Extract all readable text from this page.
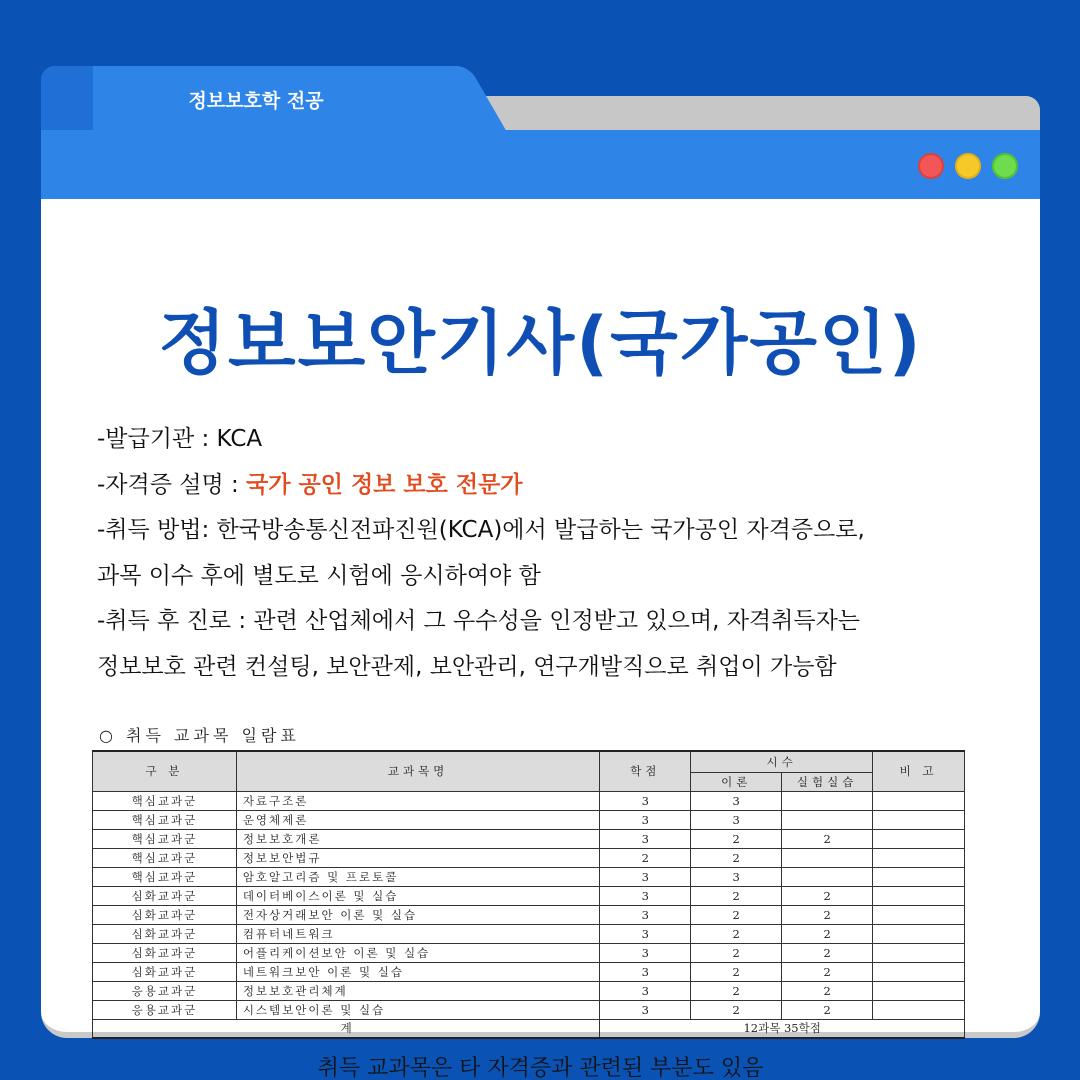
정보보호학 전공
정보보안기사(국가공인)
-발급기관 : KCA
-자격증 설명 : 국가 공인 정보 보호 전문가
-취득 방법: 한국방송통신전파진원(KCA)에서 발급하는 국가공인 자격증으로,
과목 이수 후에 별도로 시험에 응시하여야 함
-취득 후 진로 : 관련 산업체에서 그 우수성을 인정받고 있으며, 자격취득자는
정보보호 관련 컨설팅, 보안관제, 보안관리, 연구개발직으로 취업이 가능함
○ 취득 교과목 일람표
구 분	교과목명	학점	시수		비 고
			이론	실험실습	
핵심교과군	자료구조론	3	3		
핵심교과군	운영체제론	3	3		
핵심교과군	정보보호개론	3	2	2	
핵심교과군	정보보안법규	2	2		
핵심교과군	암호알고리즘 및 프로토콜	3	3		
심화교과군	데이터베이스이론 및 실습	3	2	2	
심화교과군	전자상거래보안 이론 및 실습	3	2	2	
심화교과군	컴퓨터네트워크	3	2	2	
심화교과군	어플리케이션보안 이론 및 실습	3	2	2	
심화교과군	네트워크보안 이론 및 실습	3	2	2	
응용교과군	정보보호관리체계	3	2	2	
응용교과군	시스템보안이론 및 실습	3	2	2	
계		12과목 35학점			
취득 교과목은 타 자격증과 관련된 부분도 있음
